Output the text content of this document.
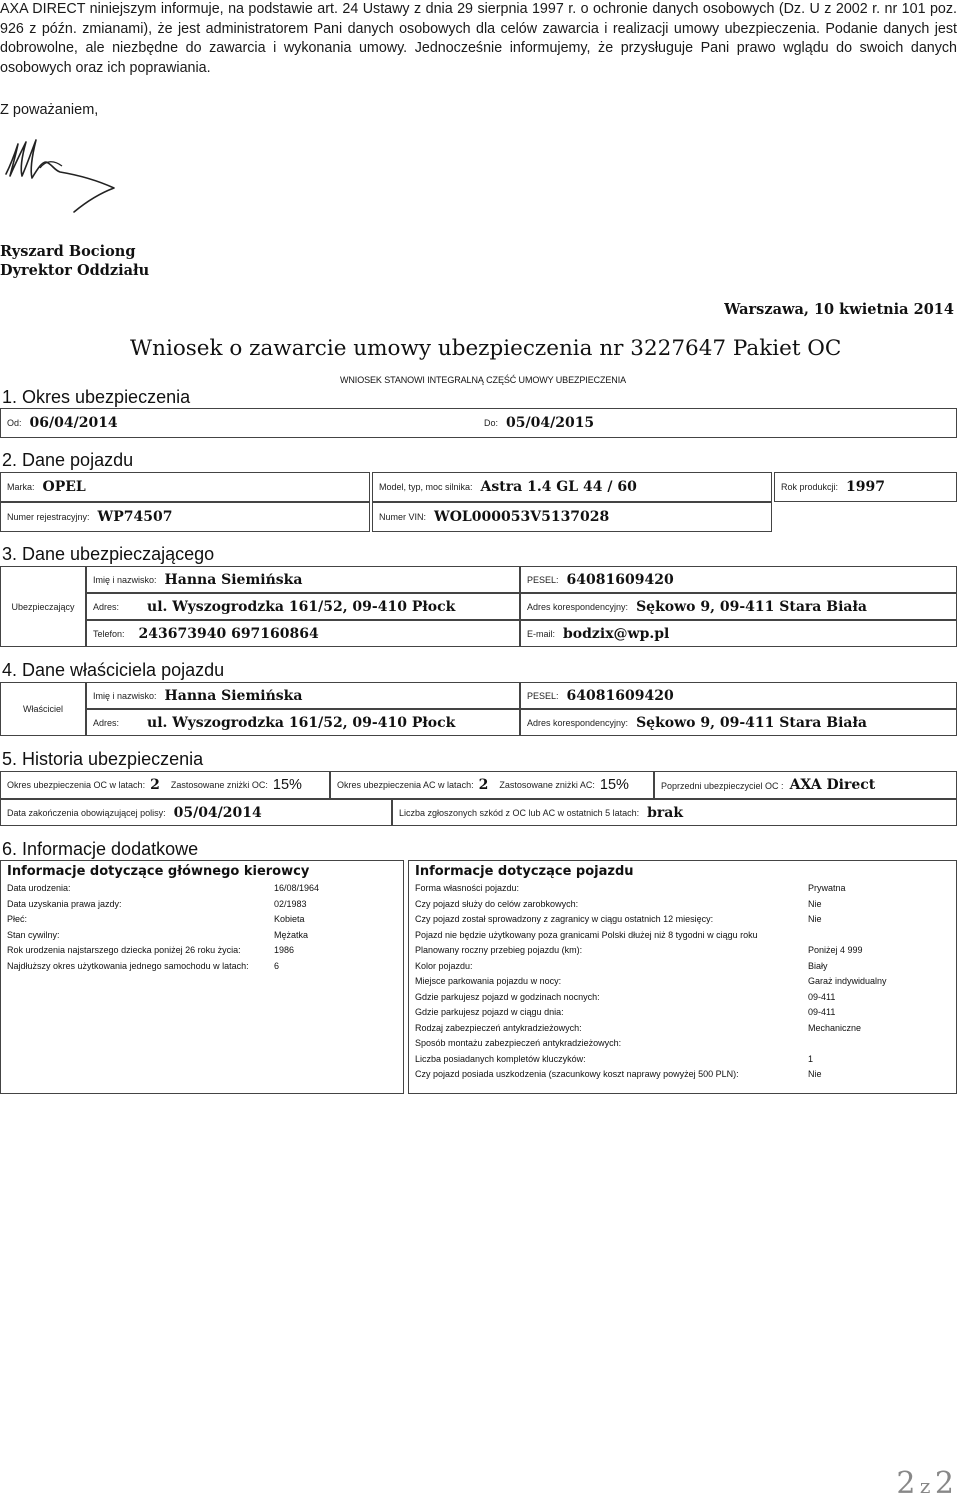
AXA DIRECT niniejszym informuje, na podstawie art. 24 Ustawy z dnia 29 sierpnia 1997 r. o ochronie danych osobowych (Dz. U z 2002 r. nr 101 poz. 926 z późn. zmianami), że jest administratorem Pani danych osobowych dla celów zawarcia i realizacji umowy ubezpieczenia. Podanie danych jest dobrowolne, ale niezbędne do zawarcia i wykonania umowy. Jednocześnie informujemy, że przysługuje Pani prawo wglądu do swoich danych osobowych oraz ich poprawiania.

Z poważaniem,
Ryszard Bociong
Dyrektor Oddziału
Warszawa, 10 kwietnia 2014
Wniosek o zawarcie umowy ubezpieczenia nr 3227647 Pakiet OC
WNIOSEK STANOWI INTEGRALNĄ CZĘŚĆ UMOWY UBEZPIECZENIA
1. Okres ubezpieczenia
Od: 06/04/2014	Do: 05/04/2015
2. Dane pojazdu
Marka: OPEL	Model, typ, moc silnika: Astra 1.4 GL 44 / 60	Rok produkcji: 1997
Numer rejestracyjny: WP74507	Numer VIN: WOL000053V5137028
3. Dane ubezpieczającego
Ubezpieczający
Imię i nazwisko: Hanna Siemińska	PESEL: 64081609420
Adres: ul. Wyszogrodzka 161/52, 09-410 Płock	Adres korespondencyjny: Sękowo 9, 09-411 Stara Biała
Telefon: 243673940 697160864	E-mail: bodzix@wp.pl
4. Dane właściciela pojazdu
Właściciel
Imię i nazwisko: Hanna Siemińska	PESEL: 64081609420
Adres: ul. Wyszogrodzka 161/52, 09-410 Płock	Adres korespondencyjny: Sękowo 9, 09-411 Stara Biała
5. Historia ubezpieczenia
Okres ubezpieczenia OC w latach: 2 Zastosowane zniżki OC: 15%	Okres ubezpieczenia AC w latach: 2 Zastosowane zniżki AC: 15%	Poprzedni ubezpieczyciel OC : AXA Direct
Data zakończenia obowiązującej polisy: 05/04/2014	Liczba zgłoszonych szkód z OC lub AC w ostatnich 5 latach: brak
6. Informacje dodatkowe
Informacje dotyczące głównego kierowcy
Data urodzenia:	16/08/1964
Data uzyskania prawa jazdy:	02/1983
Płeć:	Kobieta
Stan cywilny:	Mężatka
Rok urodzenia najstarszego dziecka poniżej 26 roku życia:	1986
Najdłuższy okres użytkowania jednego samochodu w latach:	6
Informacje dotyczące pojazdu
Forma własności pojazdu:	Prywatna
Czy pojazd służy do celów zarobkowych:	Nie
Czy pojazd został sprowadzony z zagranicy w ciągu ostatnich 12 miesięcy:	Nie
Pojazd nie będzie użytkowany poza granicami Polski dłużej niż 8 tygodni w ciągu roku
Planowany roczny przebieg pojazdu (km):	Poniżej 4 999
Kolor pojazdu:	Biały
Miejsce parkowania pojazdu w nocy:	Garaż indywidualny
Gdzie parkujesz pojazd w godzinach nocnych:	09-411
Gdzie parkujesz pojazd w ciągu dnia:	09-411
Rodzaj zabezpieczeń antykradzieżowych:	Mechaniczne
Sposób montażu zabezpieczeń antykradzieżowych:
Liczba posiadanych kompletów kluczyków:	1
Czy pojazd posiada uszkodzenia (szacunkowy koszt naprawy powyżej 500 PLN):	Nie
2 z 2
